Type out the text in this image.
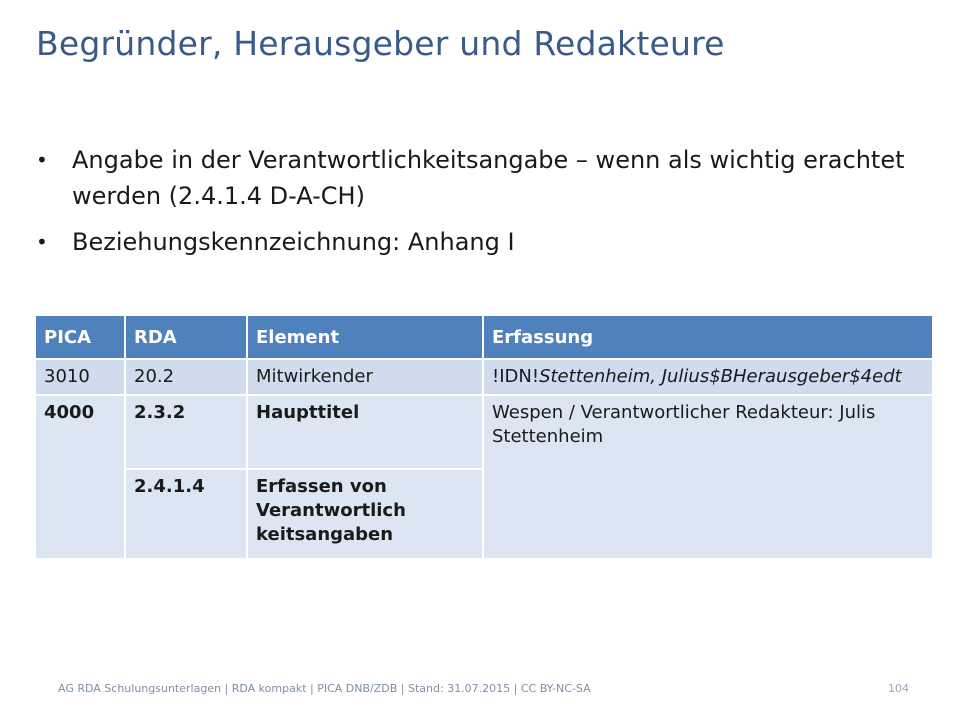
Begründer, Herausgeber und Redakteure
• Angabe in der Verantwortlichkeitsangabe – wenn als wichtig erachtet werden (2.4.1.4 D-A-CH)
• Beziehungskennzeichnung: Anhang I
PICA	RDA	Element	Erfassung
3010	20.2	Mitwirkender	!IDN!Stettenheim, Julius$BHerausgeber$4edt
4000	2.3.2	Haupttitel	Wespen / Verantwortlicher Redakteur: Julis Stettenheim
	2.4.1.4	Erfassen von Verantwortlich keitsangaben	
AG RDA Schulungsunterlagen | RDA kompakt | PICA DNB/ZDB | Stand: 31.07.2015 | CC BY-NC-SA	104
